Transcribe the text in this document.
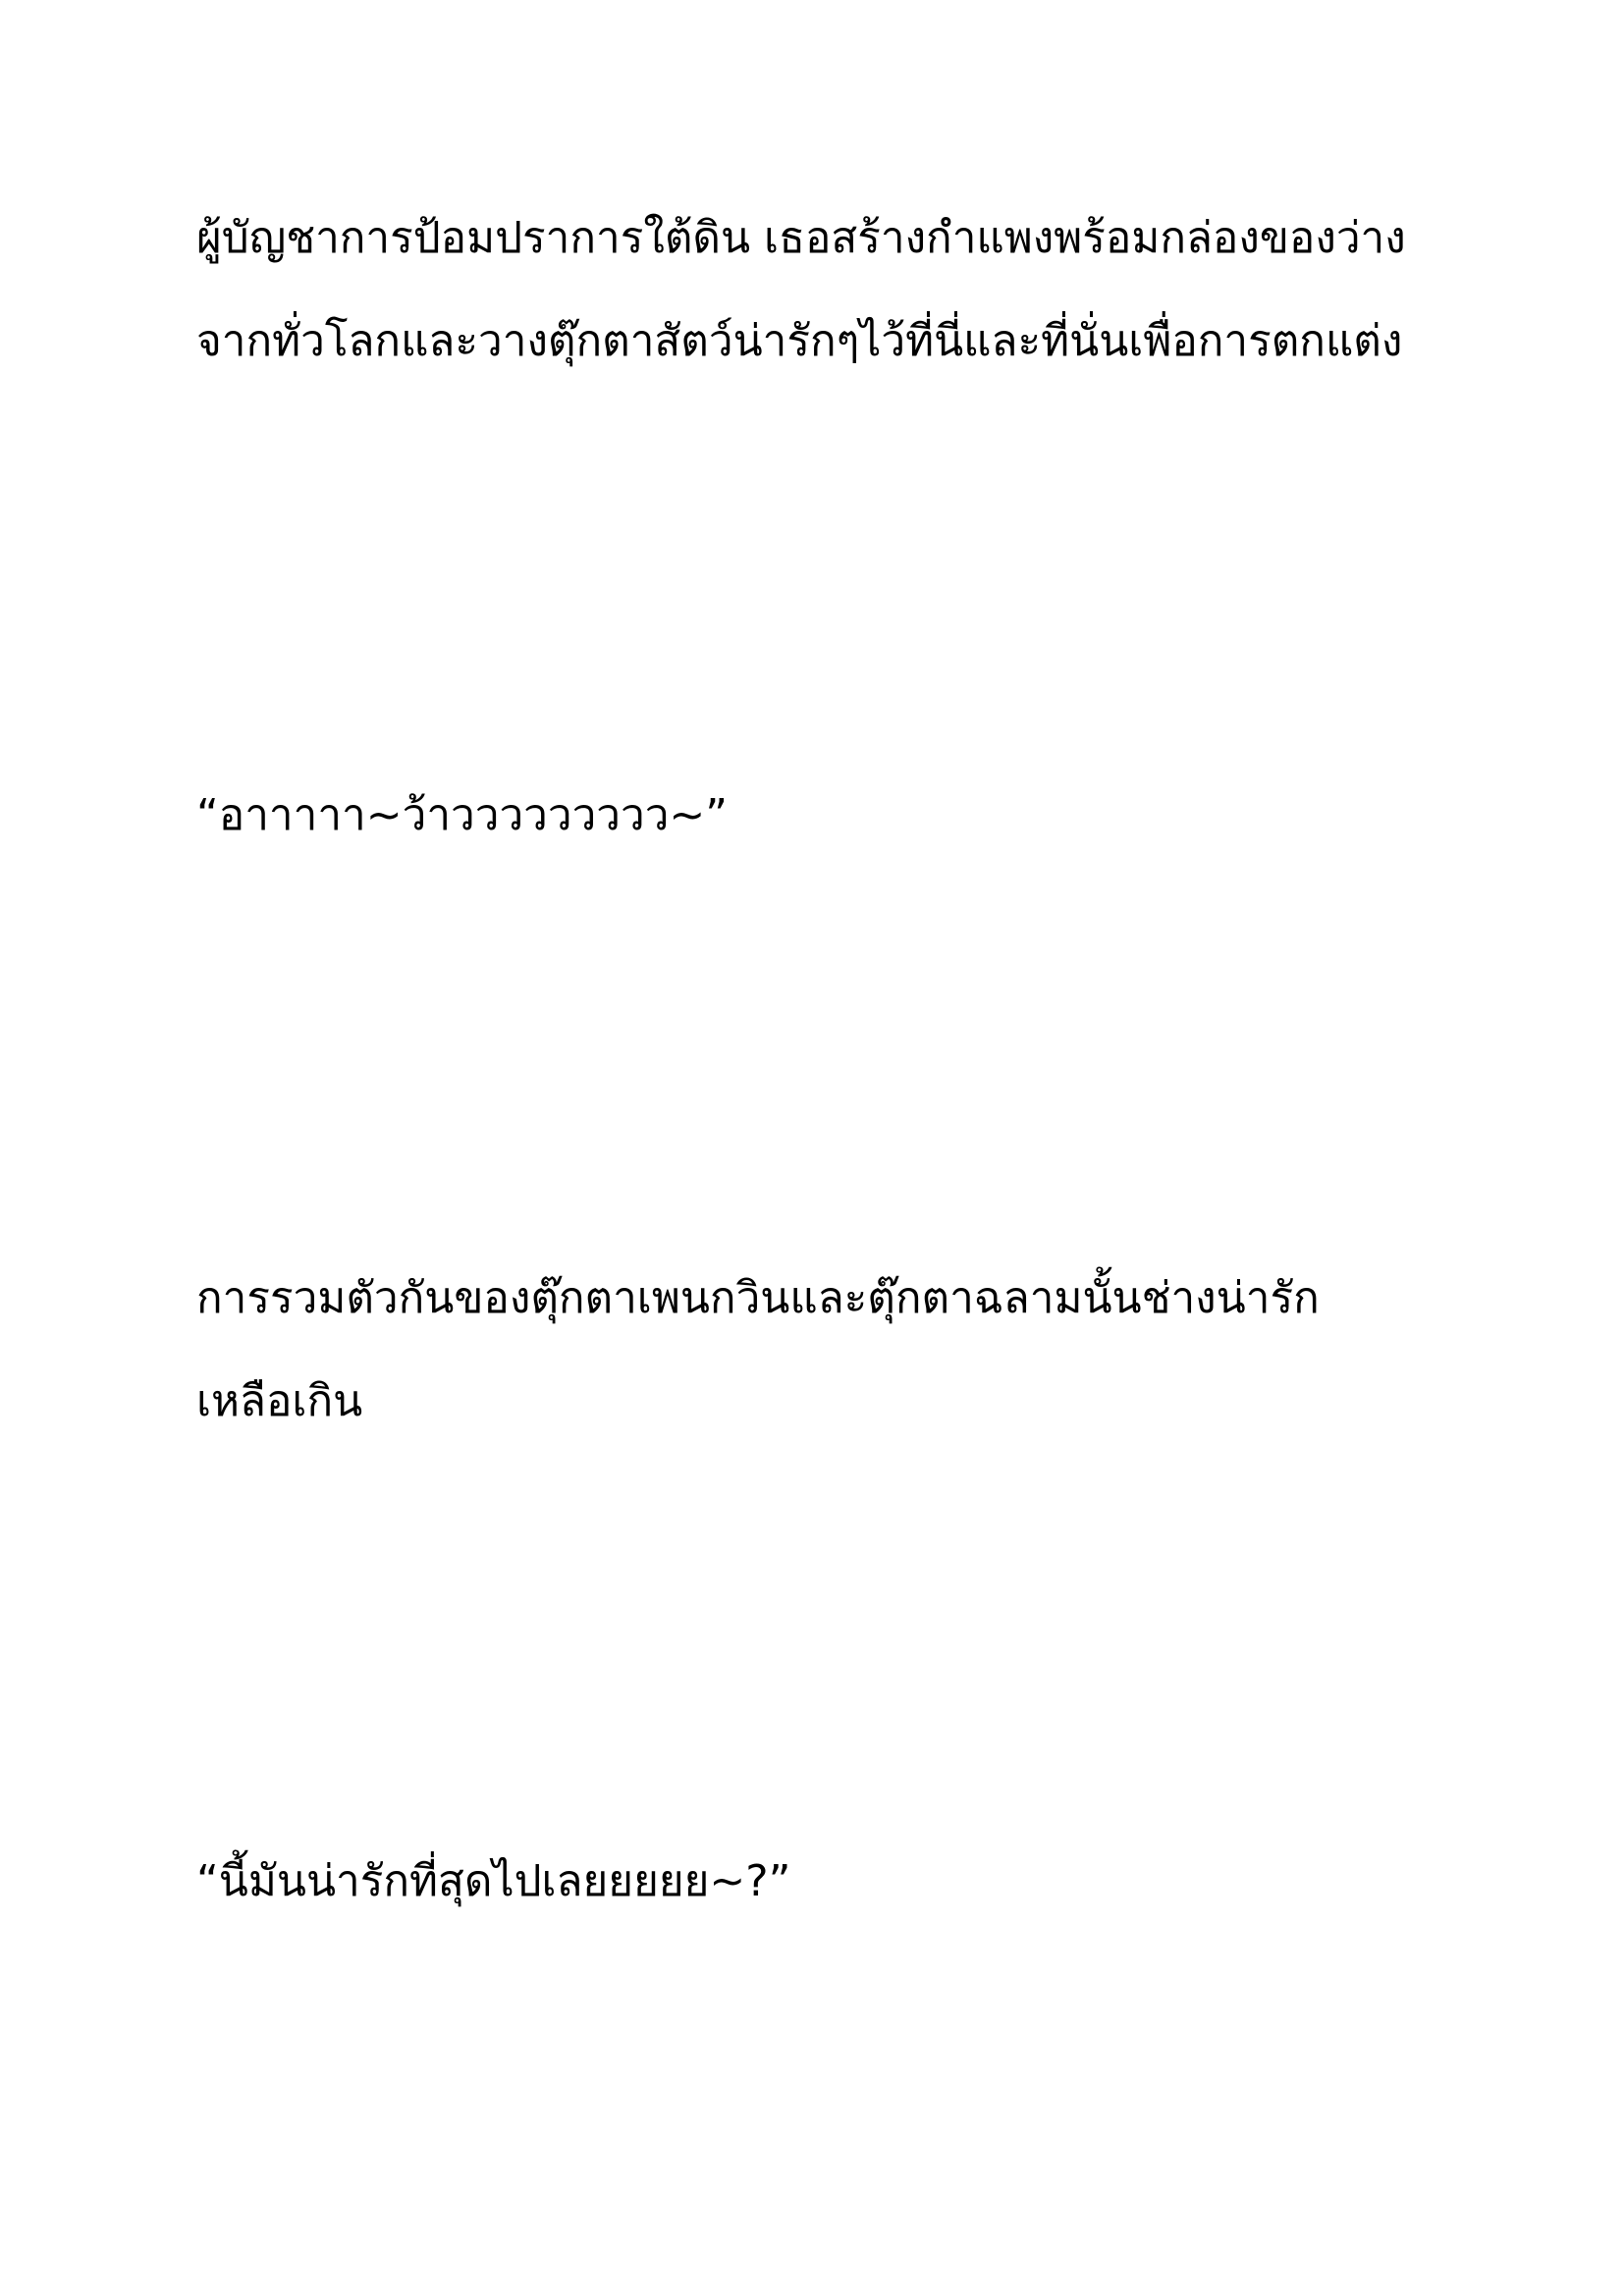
ผู้บัญชาการป้อมปราการใต้ดิน เธอสร้างกำแพงพร้อมกล่องของว่าง
จากทั่วโลกและวางตุ๊กตาสัตว์น่ารักๆไว้ที่นี่และที่นั่นเพื่อการตกแต่ง

“อาาาาา~ว้าววววววววว~”

การรวมตัวกันของตุ๊กตาเพนกวินและตุ๊กตาฉลามนั้นช่างน่ารัก
เหลือเกิน

“นี้มันน่ารักที่สุดไปเลยยยยย~?”
